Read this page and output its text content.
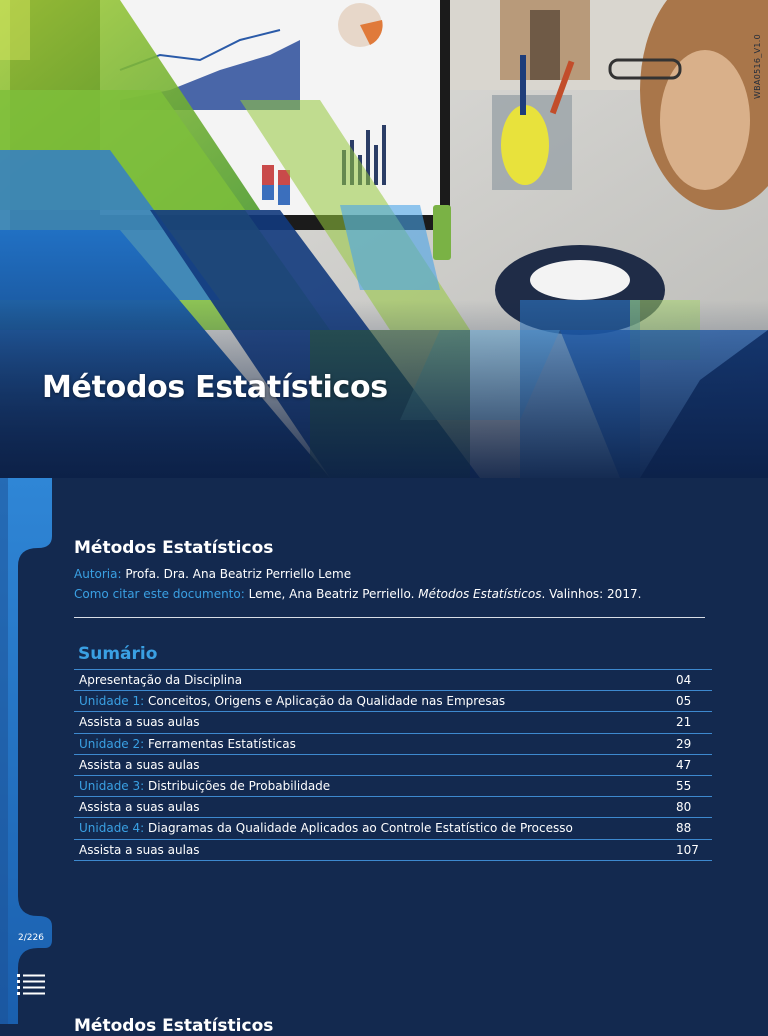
Métodos Estatísticos
WBA0516_V1.0
2/226
Métodos Estatísticos
Autoria: Profa. Dra. Ana Beatriz Perriello Leme
Como citar este documento: Leme, Ana Beatriz Perriello. Métodos Estatísticos. Valinhos: 2017.
Sumário
Apresentação da Disciplina	04
Unidade 1: Conceitos, Origens e Aplicação da Qualidade nas Empresas	05
Assista a suas aulas	21
Unidade 2: Ferramentas Estatísticas	29
Assista a suas aulas	47
Unidade 3: Distribuições de Probabilidade	55
Assista a suas aulas	80
Unidade 4: Diagramas da Qualidade Aplicados ao Controle Estatístico de Processo	88
Assista a suas aulas	107
Métodos Estatísticos
